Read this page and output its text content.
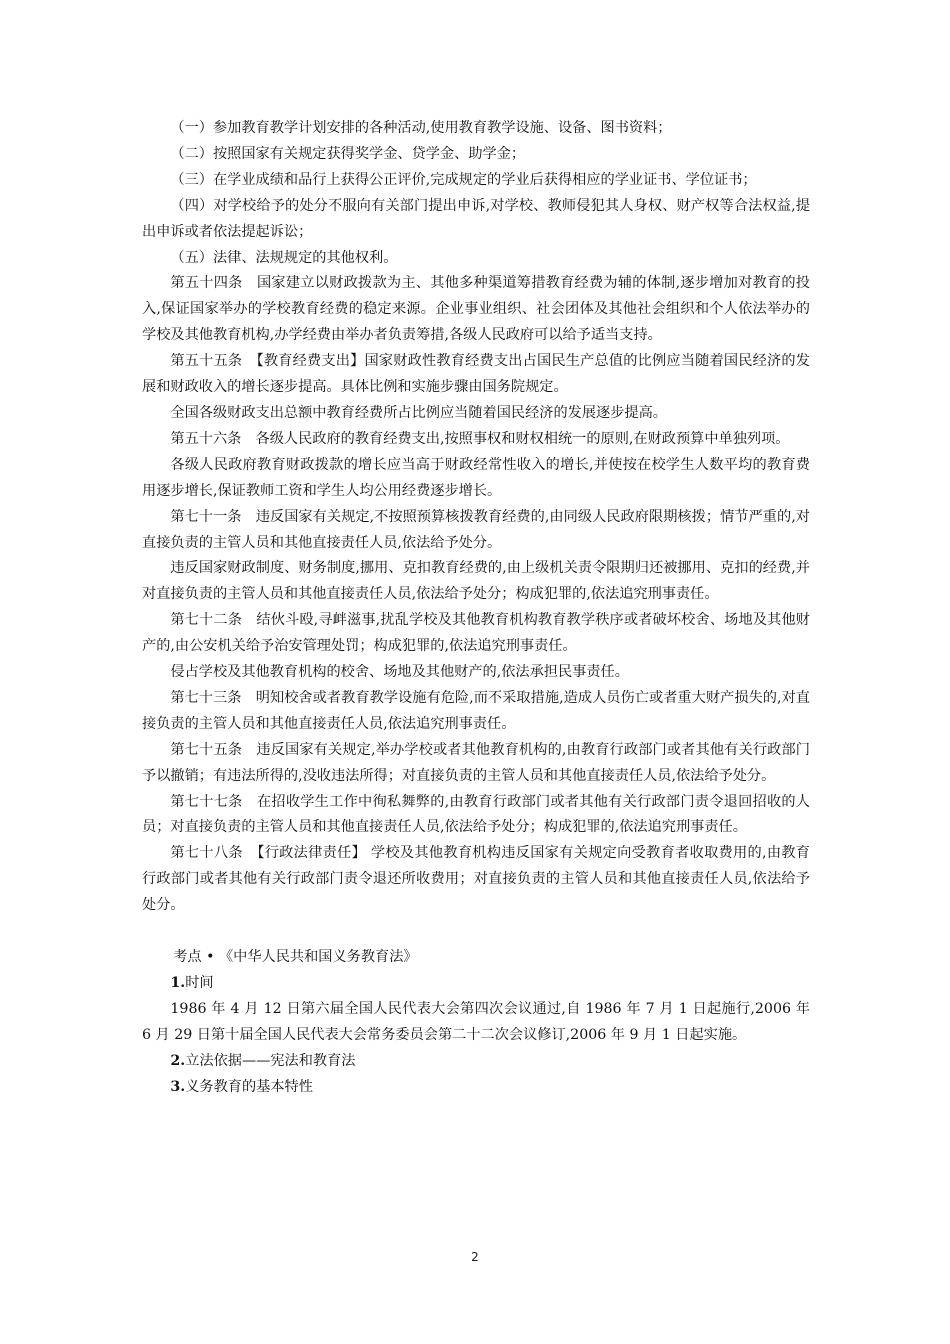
（一）参加教育教学计划安排的各种活动,使用教育教学设施、设备、图书资料；

（二）按照国家有关规定获得奖学金、贷学金、助学金；

（三）在学业成绩和品行上获得公正评价,完成规定的学业后获得相应的学业证书、学位证书；

（四）对学校给予的处分不服向有关部门提出申诉,对学校、教师侵犯其人身权、财产权等合法权益,提出申诉或者依法提起诉讼；

（五）法律、法规规定的其他权利。

第五十四条　国家建立以财政拨款为主、其他多种渠道筹措教育经费为辅的体制,逐步增加对教育的投入,保证国家举办的学校教育经费的稳定来源。企业事业组织、社会团体及其他社会组织和个人依法举办的学校及其他教育机构,办学经费由举办者负责筹措,各级人民政府可以给予适当支持。

第五十五条　【教育经费支出】国家财政性教育经费支出占国民生产总值的比例应当随着国民经济的发展和财政收入的增长逐步提高。具体比例和实施步骤由国务院规定。

全国各级财政支出总额中教育经费所占比例应当随着国民经济的发展逐步提高。

第五十六条　各级人民政府的教育经费支出,按照事权和财权相统一的原则,在财政预算中单独列项。

各级人民政府教育财政拨款的增长应当高于财政经常性收入的增长,并使按在校学生人数平均的教育费用逐步增长,保证教师工资和学生人均公用经费逐步增长。

第七十一条　违反国家有关规定,不按照预算核拨教育经费的,由同级人民政府限期核拨；情节严重的,对直接负责的主管人员和其他直接责任人员,依法给予处分。

违反国家财政制度、财务制度,挪用、克扣教育经费的,由上级机关责令限期归还被挪用、克扣的经费,并对直接负责的主管人员和其他直接责任人员,依法给予处分；构成犯罪的,依法追究刑事责任。

第七十二条　结伙斗殴,寻衅滋事,扰乱学校及其他教育机构教育教学秩序或者破坏校舍、场地及其他财产的,由公安机关给予治安管理处罚；构成犯罪的,依法追究刑事责任。

侵占学校及其他教育机构的校舍、场地及其他财产的,依法承担民事责任。

第七十三条　明知校舍或者教育教学设施有危险,而不采取措施,造成人员伤亡或者重大财产损失的,对直接负责的主管人员和其他直接责任人员,依法追究刑事责任。

第七十五条　违反国家有关规定,举办学校或者其他教育机构的,由教育行政部门或者其他有关行政部门予以撤销；有违法所得的,没收违法所得；对直接负责的主管人员和其他直接责任人员,依法给予处分。

第七十七条　在招收学生工作中徇私舞弊的,由教育行政部门或者其他有关行政部门责令退回招收的人员；对直接负责的主管人员和其他直接责任人员,依法给予处分；构成犯罪的,依法追究刑事责任。

第七十八条　【行政法律责任】 学校及其他教育机构违反国家有关规定向受教育者收取费用的,由教育行政部门或者其他有关行政部门责令退还所收费用；对直接负责的主管人员和其他直接责任人员,依法给予处分。

考点 • 《中华人民共和国义务教育法》

1.时间

1986 年 4 月 12 日第六届全国人民代表大会第四次会议通过,自 1986 年 7 月 1 日起施行,2006 年 6 月 29 日第十届全国人民代表大会常务委员会第二十二次会议修订,2006 年 9 月 1 日起实施。

2.立法依据——宪法和教育法

3.义务教育的基本特性

2
